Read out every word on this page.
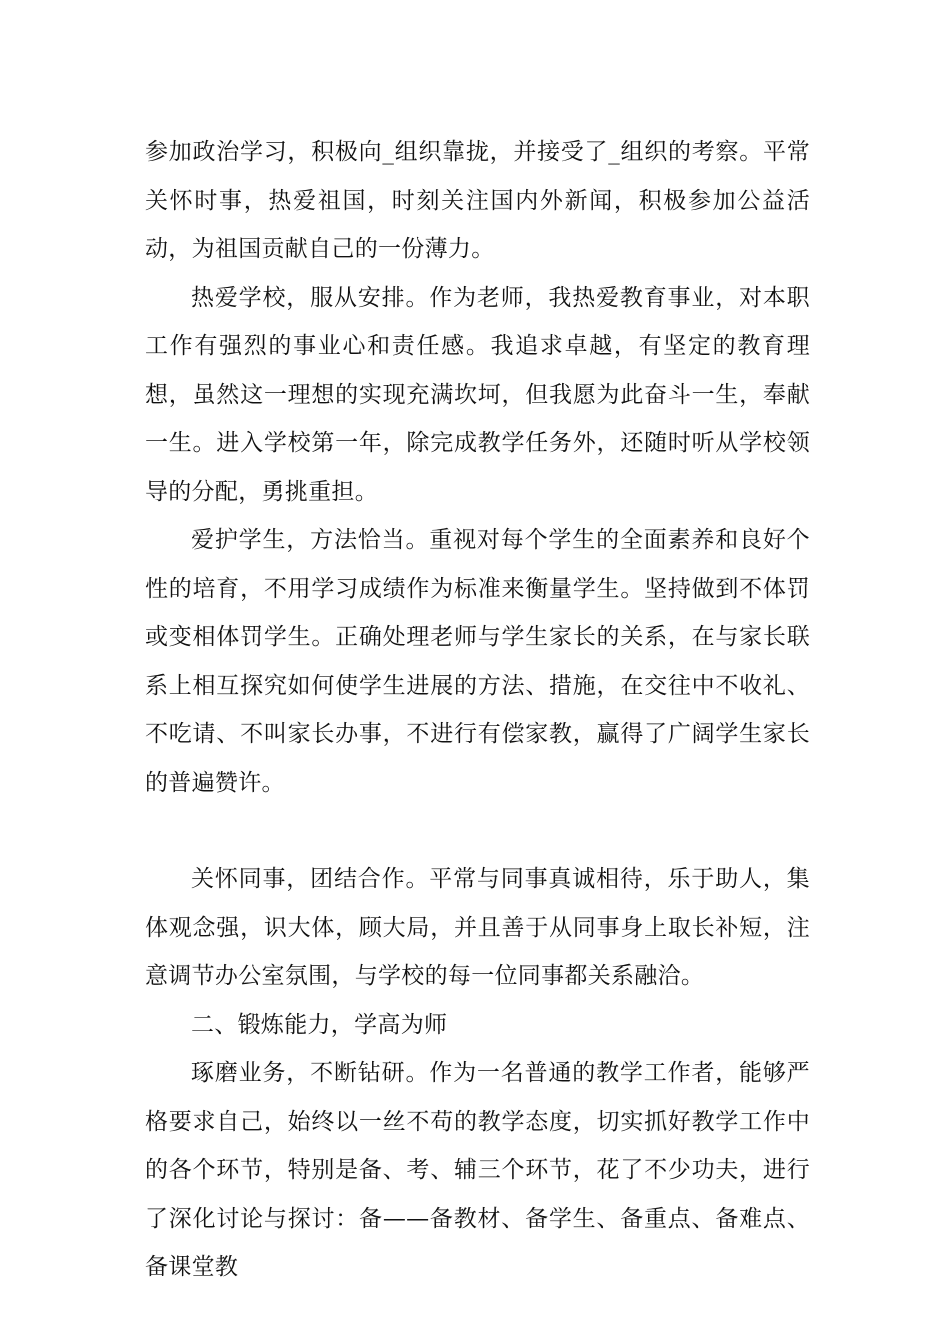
参加政治学习，积极向_组织靠拢，并接受了_组织的考察。平常关怀时事，热爱祖国，时刻关注国内外新闻，积极参加公益活动，为祖国贡献自己的一份薄力。

热爱学校，服从安排。作为老师，我热爱教育事业，对本职工作有强烈的事业心和责任感。我追求卓越，有坚定的教育理想，虽然这一理想的实现充满坎坷，但我愿为此奋斗一生，奉献一生。进入学校第一年，除完成教学任务外，还随时听从学校领导的分配，勇挑重担。

爱护学生，方法恰当。重视对每个学生的全面素养和良好个性的培育，不用学习成绩作为标准来衡量学生。坚持做到不体罚或变相体罚学生。正确处理老师与学生家长的关系，在与家长联系上相互探究如何使学生进展的方法、措施，在交往中不收礼、不吃请、不叫家长办事，不进行有偿家教，赢得了广阔学生家长的普遍赞许。

关怀同事，团结合作。平常与同事真诚相待，乐于助人，集体观念强，识大体，顾大局，并且善于从同事身上取长补短，注意调节办公室氛围，与学校的每一位同事都关系融洽。

二、锻炼能力，学高为师

琢磨业务，不断钻研。作为一名普通的教学工作者，能够严格要求自己，始终以一丝不苟的教学态度，切实抓好教学工作中的各个环节，特别是备、考、辅三个环节，花了不少功夫，进行了深化讨论与探讨：备——备教材、备学生、备重点、备难点、备课堂教
